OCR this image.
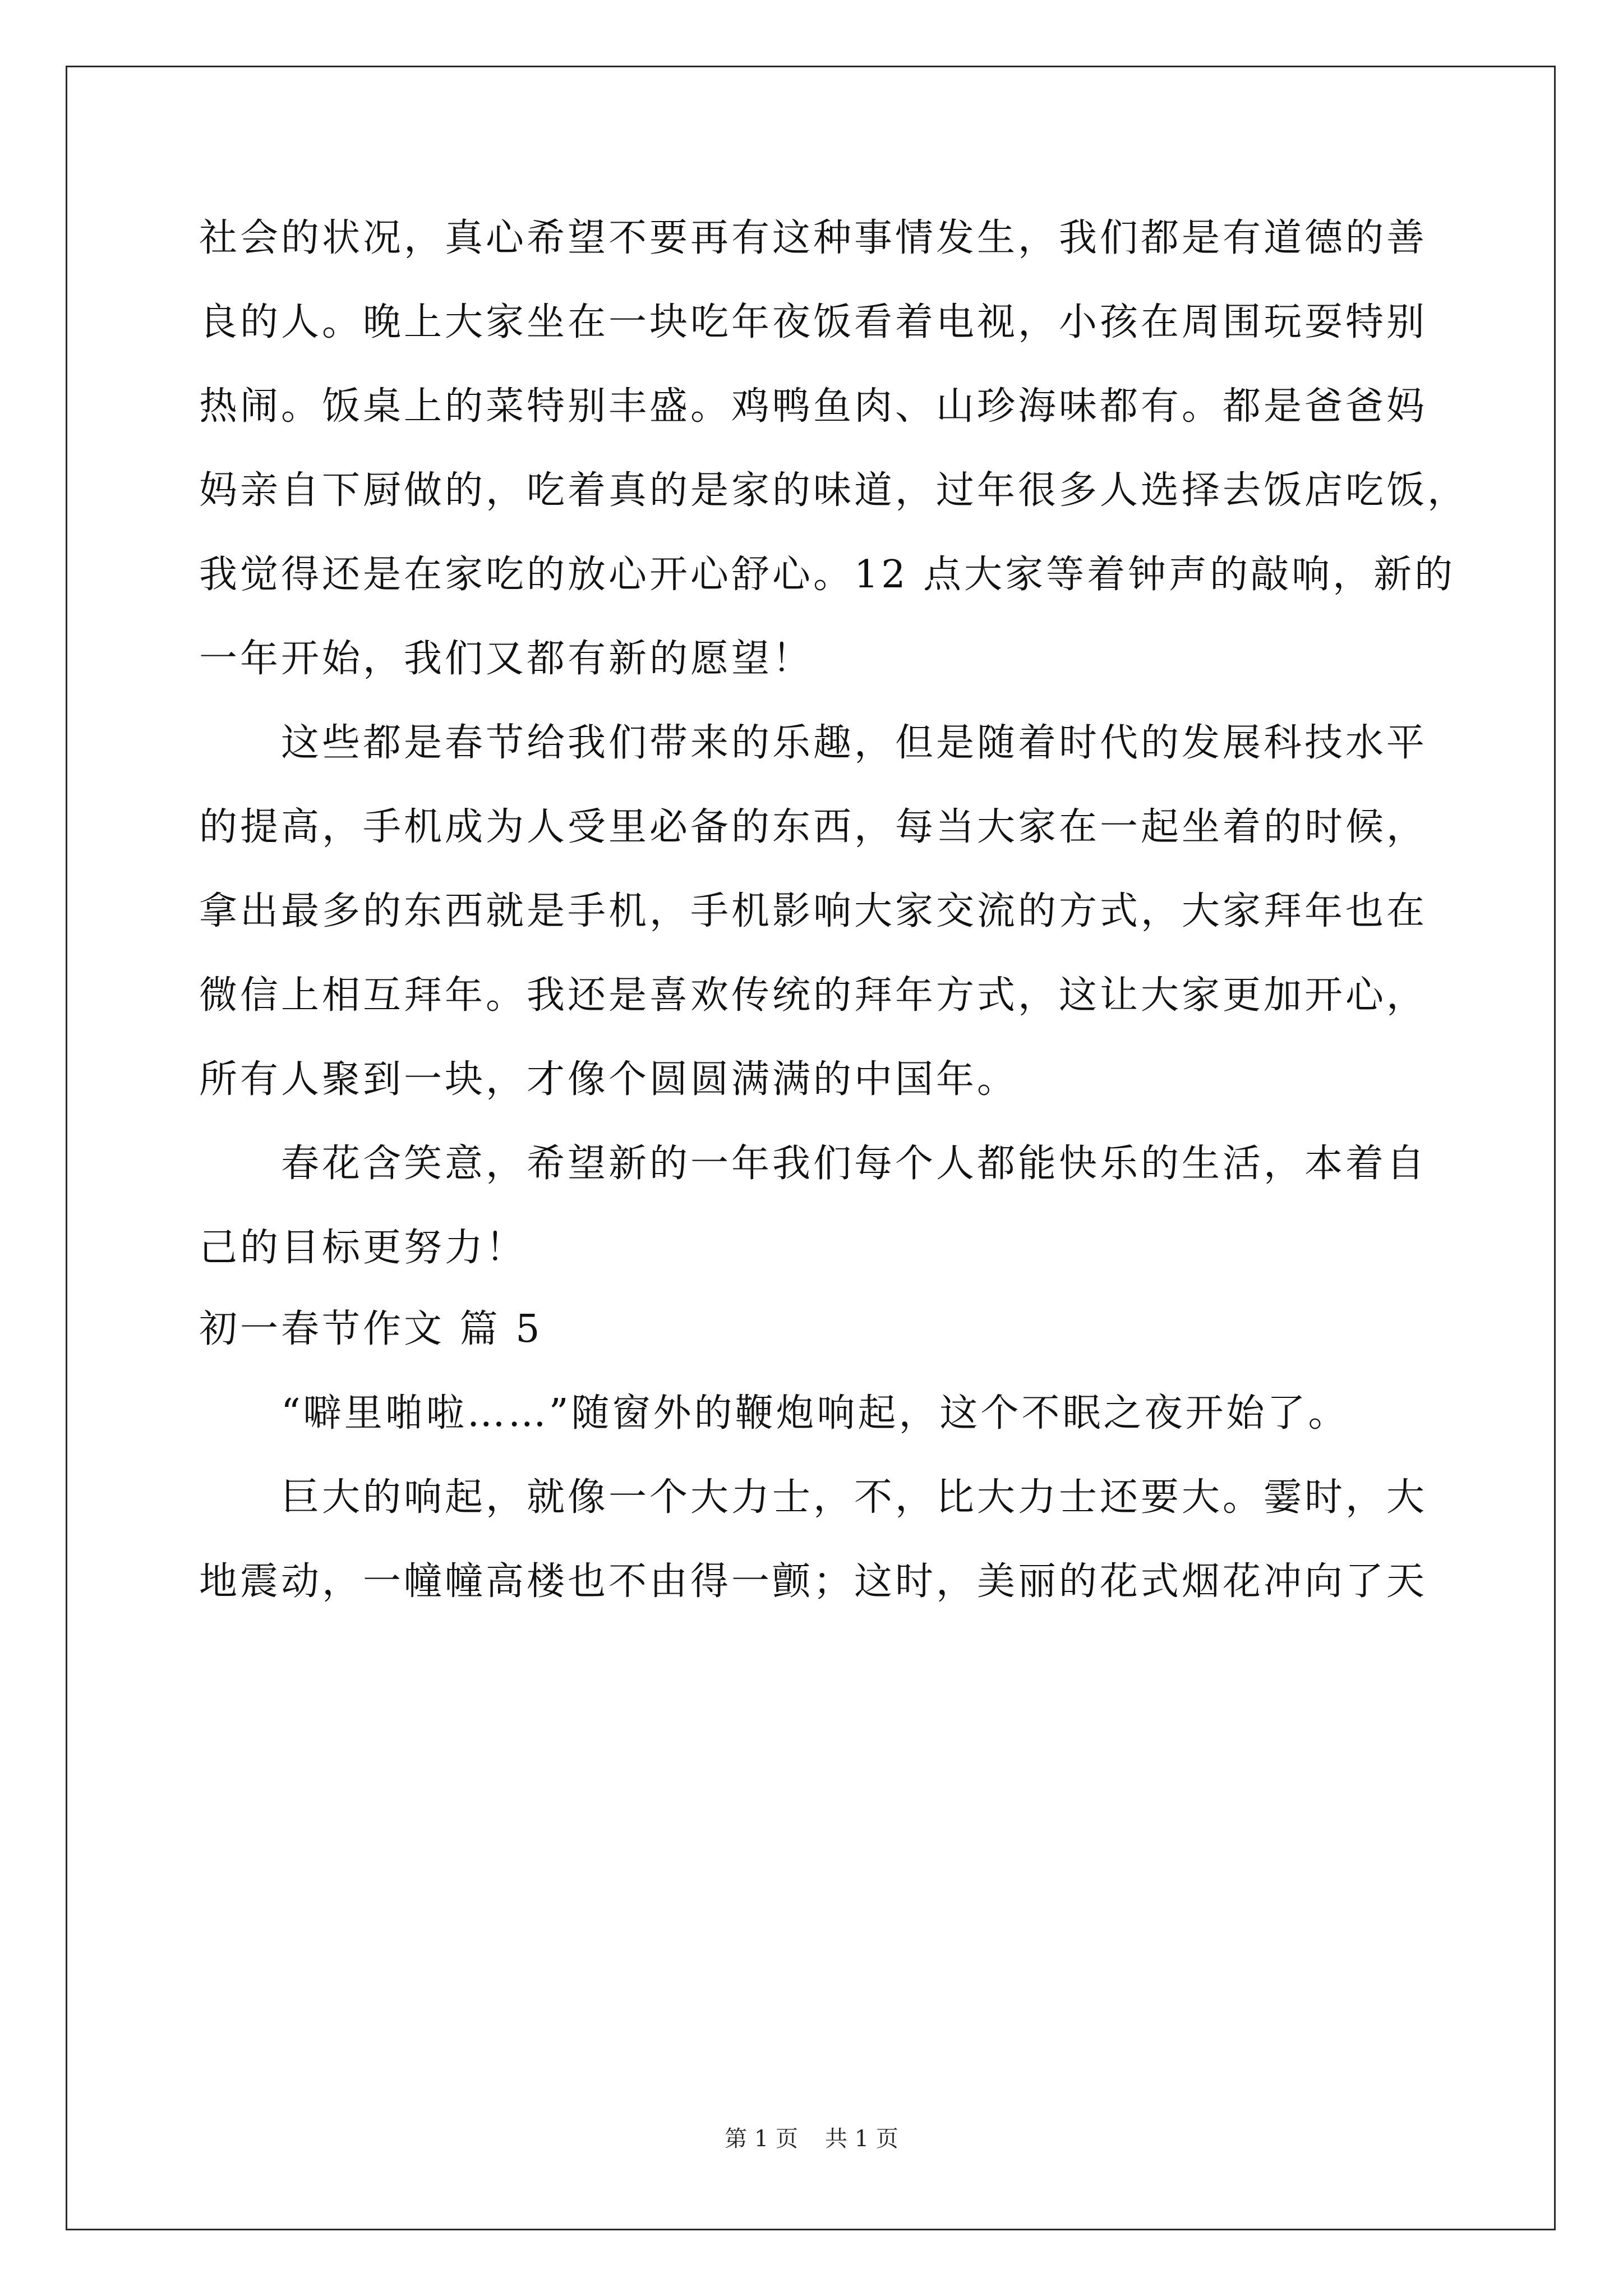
社会的状况，真心希望不要再有这种事情发生，我们都是有道德的善
良的人。晚上大家坐在一块吃年夜饭看着电视，小孩在周围玩耍特别
热闹。饭桌上的菜特别丰盛。鸡鸭鱼肉、山珍海味都有。都是爸爸妈
妈亲自下厨做的，吃着真的是家的味道，过年很多人选择去饭店吃饭，
我觉得还是在家吃的放心开心舒心。12 点大家等着钟声的敲响，新的
一年开始，我们又都有新的愿望！
这些都是春节给我们带来的乐趣，但是随着时代的发展科技水平
的提高，手机成为人受里必备的东西，每当大家在一起坐着的时候，
拿出最多的东西就是手机，手机影响大家交流的方式，大家拜年也在
微信上相互拜年。我还是喜欢传统的拜年方式，这让大家更加开心，
所有人聚到一块，才像个圆圆满满的中国年。
春花含笑意，希望新的一年我们每个人都能快乐的生活，本着自
己的目标更努力！
初一春节作文 篇 5
“噼里啪啦……”随窗外的鞭炮响起，这个不眠之夜开始了。
巨大的响起，就像一个大力士，不，比大力士还要大。霎时，大
地震动，一幢幢高楼也不由得一颤；这时，美丽的花式烟花冲向了天
第 1 页 共 1 页
